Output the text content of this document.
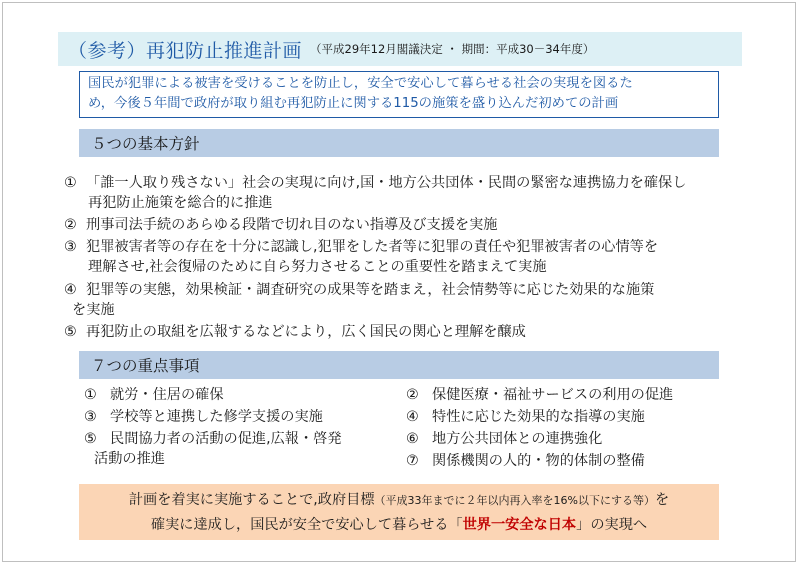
（参考）再犯防止推進計画 （平成29年12月閣議決定 ・ 期間：平成30－34年度）
国民が犯罪による被害を受けることを防止し，安全で安心して暮らせる社会の実現を図るた
め，今後５年間で政府が取り組む再犯防止に関する115の施策を盛り込んだ初めての計画
５つの基本方針
① 「誰一人取り残さない」社会の実現に向け,国・地方公共団体・民間の緊密な連携協力を確保し
再犯防止施策を総合的に推進
② 刑事司法手続のあらゆる段階で切れ目のない指導及び支援を実施
③ 犯罪被害者等の存在を十分に認識し,犯罪をした者等に犯罪の責任や犯罪被害者の心情等を
理解させ,社会復帰のために自ら努力させることの重要性を踏まえて実施
④ 犯罪等の実態，効果検証・調査研究の成果等を踏まえ，社会情勢等に応じた効果的な施策
を実施
⑤ 再犯防止の取組を広報するなどにより，広く国民の関心と理解を醸成
７つの重点事項
① 就労・住居の確保	② 保健医療・福祉サービスの利用の促進
③ 学校等と連携した修学支援の実施	④ 特性に応じた効果的な指導の実施
⑤ 民間協力者の活動の促進,広報・啓発
活動の推進
⑥ 地方公共団体との連携強化
⑦ 関係機関の人的・物的体制の整備
計画を着実に実施することで,政府目標（平成33年までに２年以内再入率を16%以下にする等）を
確実に達成し，国民が安全で安心して暮らせる「世界一安全な日本」の実現へ
